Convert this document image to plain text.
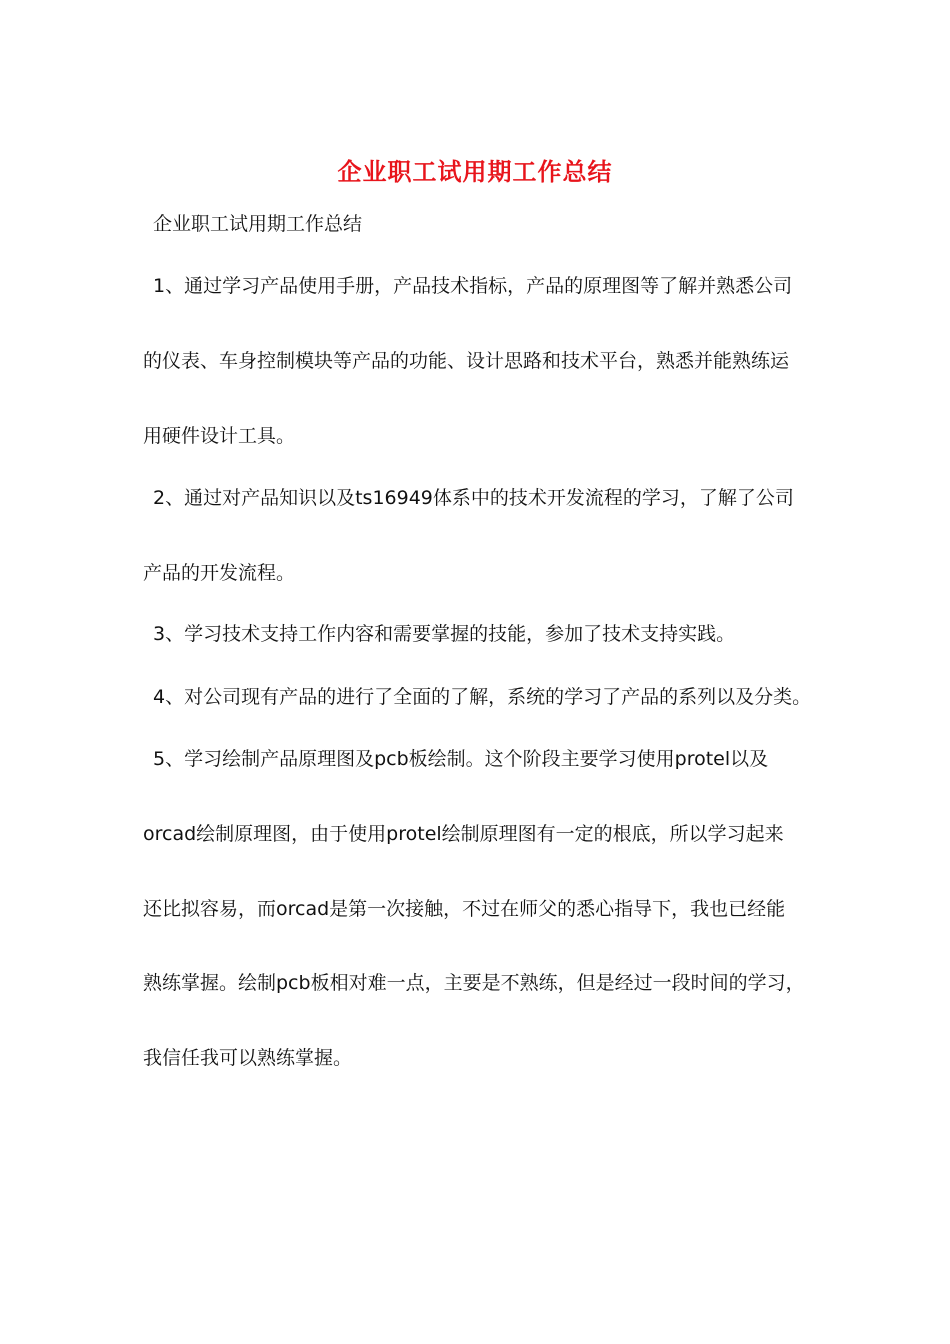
企业职工试用期工作总结
企业职工试用期工作总结
1、通过学习产品使用手册，产品技术指标，产品的原理图等了解并熟悉公司
的仪表、车身控制模块等产品的功能、设计思路和技术平台，熟悉并能熟练运
用硬件设计工具。
2、通过对产品知识以及ts16949体系中的技术开发流程的学习，了解了公司
产品的开发流程。
3、学习技术支持工作内容和需要掌握的技能，参加了技术支持实践。
4、对公司现有产品的进行了全面的了解，系统的学习了产品的系列以及分类。
5、学习绘制产品原理图及pcb板绘制。这个阶段主要学习使用protel以及
orcad绘制原理图，由于使用protel绘制原理图有一定的根底，所以学习起来
还比拟容易，而orcad是第一次接触，不过在师父的悉心指导下，我也已经能
熟练掌握。绘制pcb板相对难一点，主要是不熟练，但是经过一段时间的学习，
我信任我可以熟练掌握。
